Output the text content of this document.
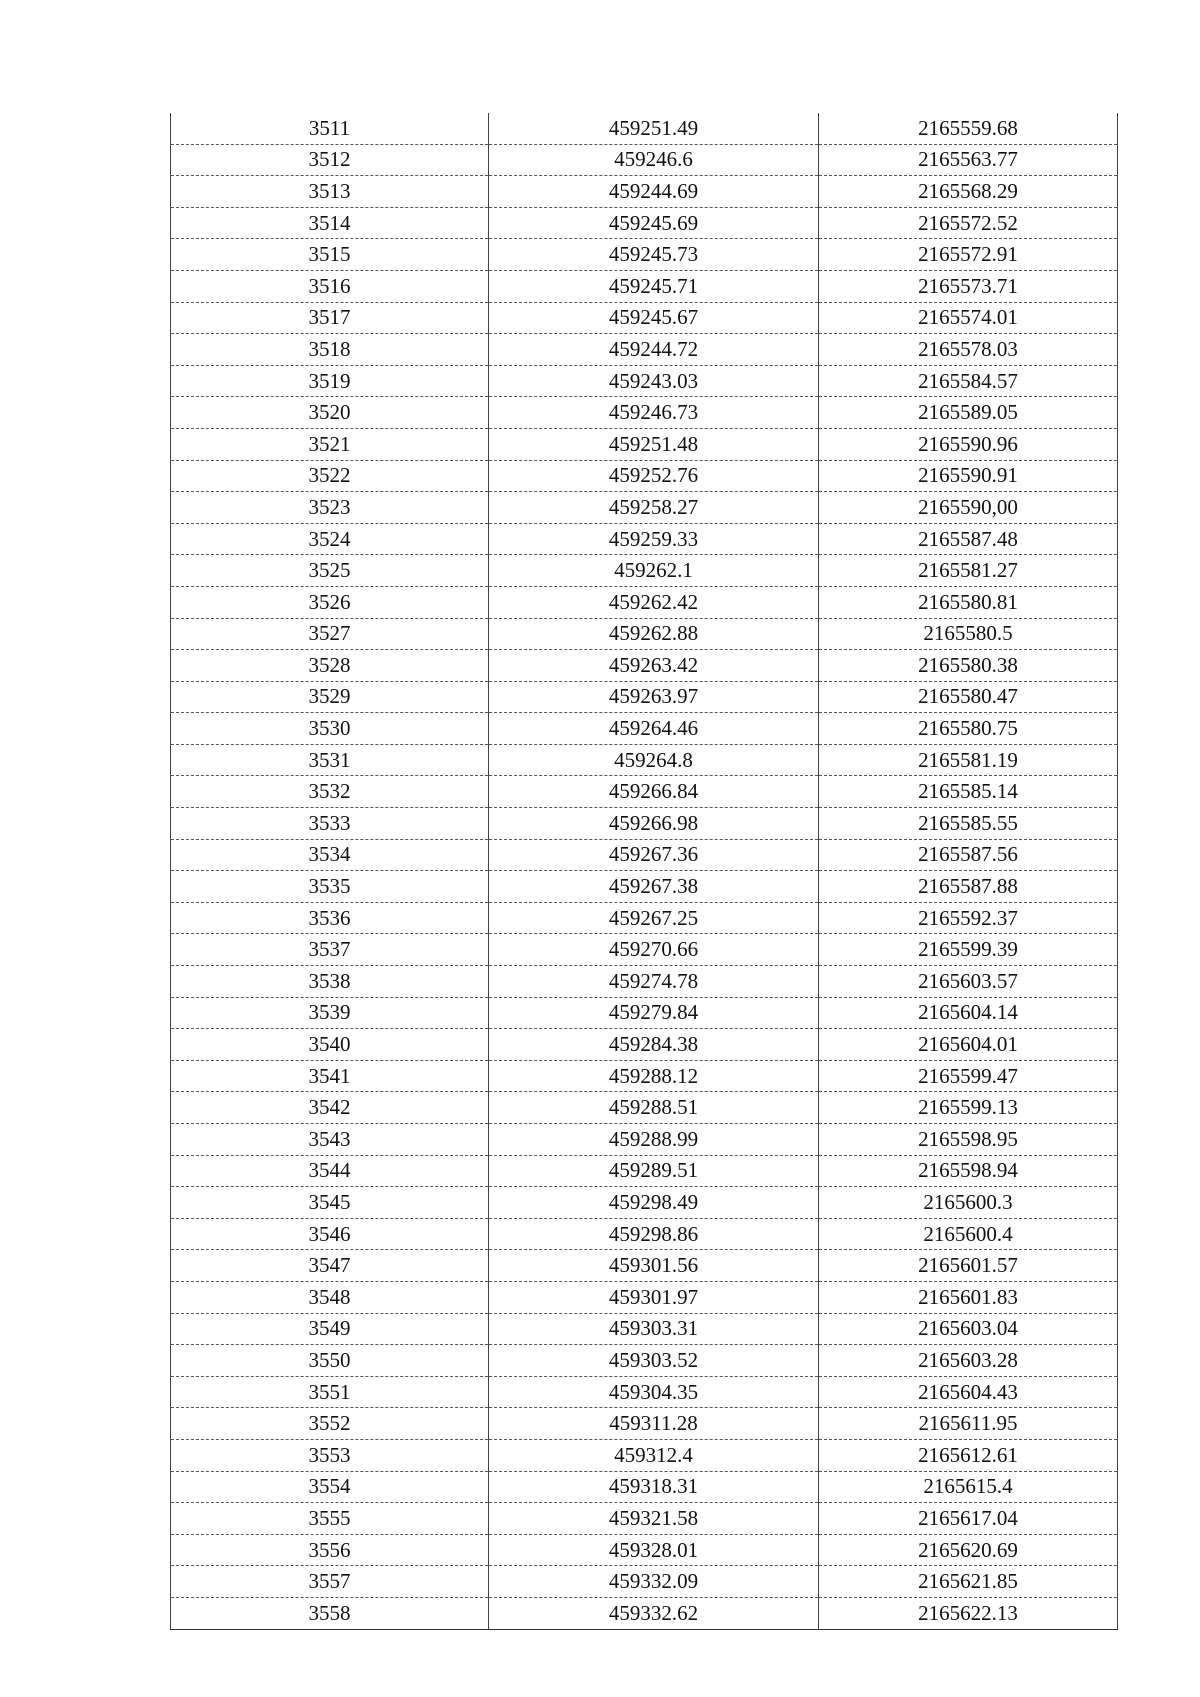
3511	459251.49	2165559.68
3512	459246.6	2165563.77
3513	459244.69	2165568.29
3514	459245.69	2165572.52
3515	459245.73	2165572.91
3516	459245.71	2165573.71
3517	459245.67	2165574.01
3518	459244.72	2165578.03
3519	459243.03	2165584.57
3520	459246.73	2165589.05
3521	459251.48	2165590.96
3522	459252.76	2165590.91
3523	459258.27	2165590,00
3524	459259.33	2165587.48
3525	459262.1	2165581.27
3526	459262.42	2165580.81
3527	459262.88	2165580.5
3528	459263.42	2165580.38
3529	459263.97	2165580.47
3530	459264.46	2165580.75
3531	459264.8	2165581.19
3532	459266.84	2165585.14
3533	459266.98	2165585.55
3534	459267.36	2165587.56
3535	459267.38	2165587.88
3536	459267.25	2165592.37
3537	459270.66	2165599.39
3538	459274.78	2165603.57
3539	459279.84	2165604.14
3540	459284.38	2165604.01
3541	459288.12	2165599.47
3542	459288.51	2165599.13
3543	459288.99	2165598.95
3544	459289.51	2165598.94
3545	459298.49	2165600.3
3546	459298.86	2165600.4
3547	459301.56	2165601.57
3548	459301.97	2165601.83
3549	459303.31	2165603.04
3550	459303.52	2165603.28
3551	459304.35	2165604.43
3552	459311.28	2165611.95
3553	459312.4	2165612.61
3554	459318.31	2165615.4
3555	459321.58	2165617.04
3556	459328.01	2165620.69
3557	459332.09	2165621.85
3558	459332.62	2165622.13
